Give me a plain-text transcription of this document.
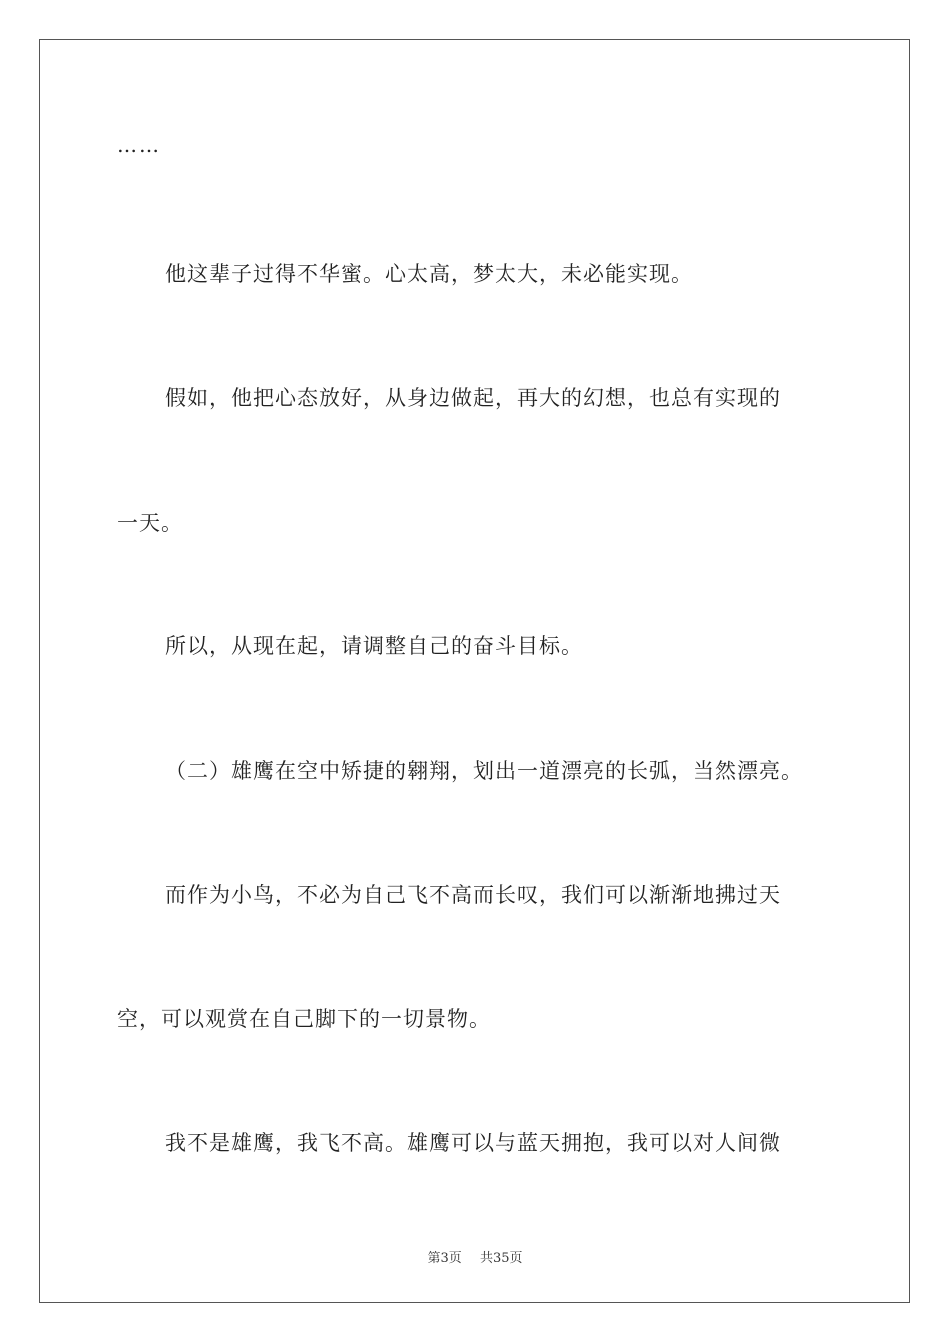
……
他这辈子过得不华蜜。心太高，梦太大，未必能实现。
假如，他把心态放好，从身边做起，再大的幻想，也总有实现的
一天。
所以，从现在起，请调整自己的奋斗目标。
（二）雄鹰在空中矫捷的翱翔，划出一道漂亮的长弧，当然漂亮。
而作为小鸟，不必为自己飞不高而长叹，我们可以渐渐地拂过天
空，可以观赏在自己脚下的一切景物。
我不是雄鹰，我飞不高。雄鹰可以与蓝天拥抱，我可以对人间微
第3页 共35页
